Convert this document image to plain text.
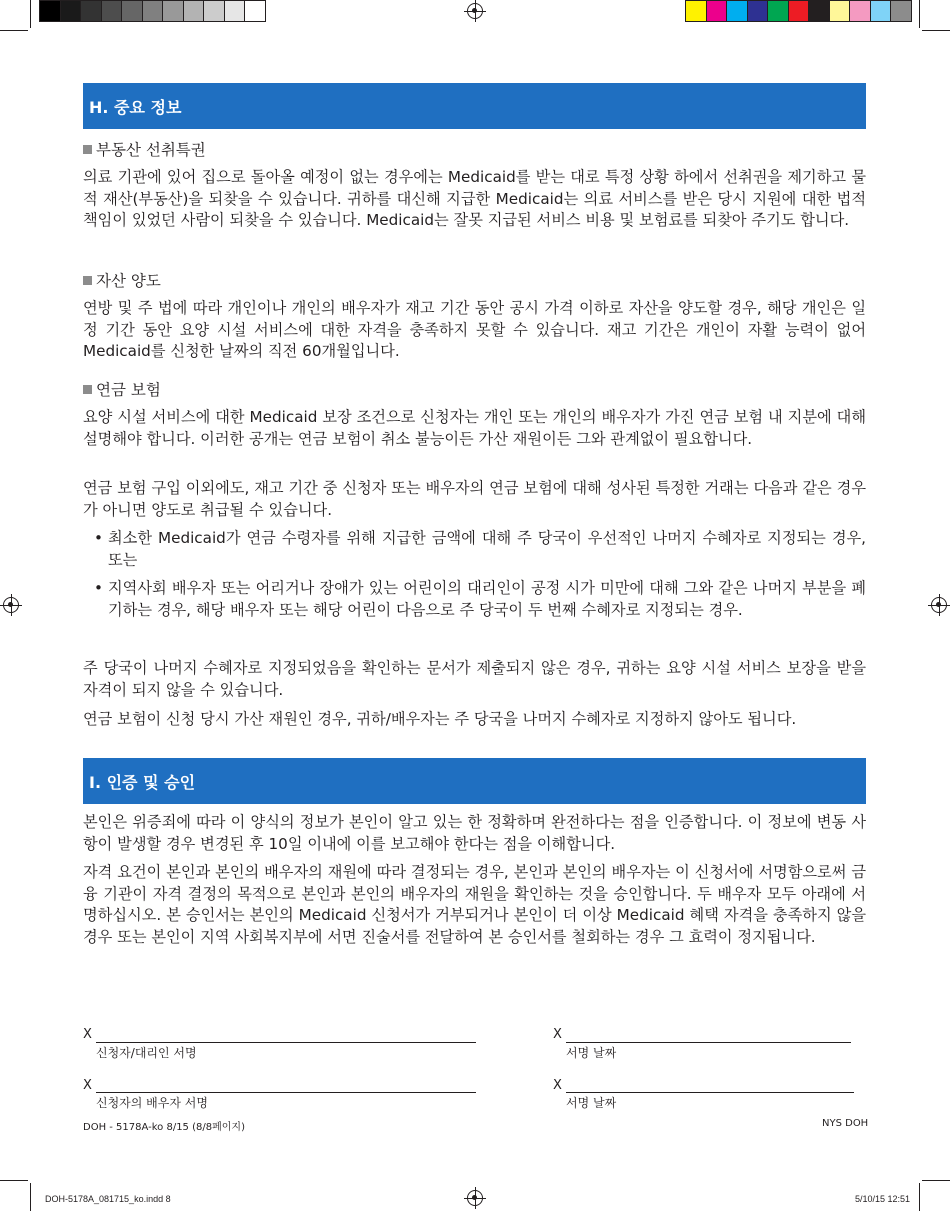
H. 중요 정보
부동산 선취특권

의료 기관에 있어 집으로 돌아올 예정이 없는 경우에는 Medicaid를 받는 대로 특정 상황 하에서 선취권을 제기하고 물적 재산(부동산)을 되찾을 수 있습니다. 귀하를 대신해 지급한 Medicaid는 의료 서비스를 받은 당시 지원에 대한 법적 책임이 있었던 사람이 되찾을 수 있습니다. Medicaid는 잘못 지급된 서비스 비용 및 보험료를 되찾아 주기도 합니다.

자산 양도

연방 및 주 법에 따라 개인이나 개인의 배우자가 재고 기간 동안 공시 가격 이하로 자산을 양도할 경우, 해당 개인은 일정 기간 동안 요양 시설 서비스에 대한 자격을 충족하지 못할 수 있습니다. 재고 기간은 개인이 자활 능력이 없어 Medicaid를 신청한 날짜의 직전 60개월입니다.

연금 보험

요양 시설 서비스에 대한 Medicaid 보장 조건으로 신청자는 개인 또는 개인의 배우자가 가진 연금 보험 내 지분에 대해 설명해야 합니다. 이러한 공개는 연금 보험이 취소 불능이든 가산 재원이든 그와 관계없이 필요합니다.

연금 보험 구입 이외에도, 재고 기간 중 신청자 또는 배우자의 연금 보험에 대해 성사된 특정한 거래는 다음과 같은 경우가 아니면 양도로 취급될 수 있습니다.

• 최소한 Medicaid가 연금 수령자를 위해 지급한 금액에 대해 주 당국이 우선적인 나머지 수혜자로 지정되는 경우, 또는

• 지역사회 배우자 또는 어리거나 장애가 있는 어린이의 대리인이 공정 시가 미만에 대해 그와 같은 나머지 부분을 폐기하는 경우, 해당 배우자 또는 해당 어린이 다음으로 주 당국이 두 번째 수혜자로 지정되는 경우.

주 당국이 나머지 수혜자로 지정되었음을 확인하는 문서가 제출되지 않은 경우, 귀하는 요양 시설 서비스 보장을 받을 자격이 되지 않을 수 있습니다.

연금 보험이 신청 당시 가산 재원인 경우, 귀하/배우자는 주 당국을 나머지 수혜자로 지정하지 않아도 됩니다.

I. 인증 및 승인

본인은 위증죄에 따라 이 양식의 정보가 본인이 알고 있는 한 정확하며 완전하다는 점을 인증합니다. 이 정보에 변동 사항이 발생할 경우 변경된 후 10일 이내에 이를 보고해야 한다는 점을 이해합니다.

자격 요건이 본인과 본인의 배우자의 재원에 따라 결정되는 경우, 본인과 본인의 배우자는 이 신청서에 서명함으로써 금융 기관이 자격 결정의 목적으로 본인과 본인의 배우자의 재원을 확인하는 것을 승인합니다. 두 배우자 모두 아래에 서명하십시오. 본 승인서는 본인의 Medicaid 신청서가 거부되거나 본인이 더 이상 Medicaid 혜택 자격을 충족하지 않을 경우 또는 본인이 지역 사회복지부에 서면 진술서를 전달하여 본 승인서를 철회하는 경우 그 효력이 정지됩니다.

X
신청자/대리인 서명
X
서명 날짜
X
신청자의 배우자 서명
X
서명 날짜
DOH - 5178A-ko 8/15 (8/8페이지)	NYS DOH
DOH-5178A_081715_ko.indd 8	5/10/15 12:51
